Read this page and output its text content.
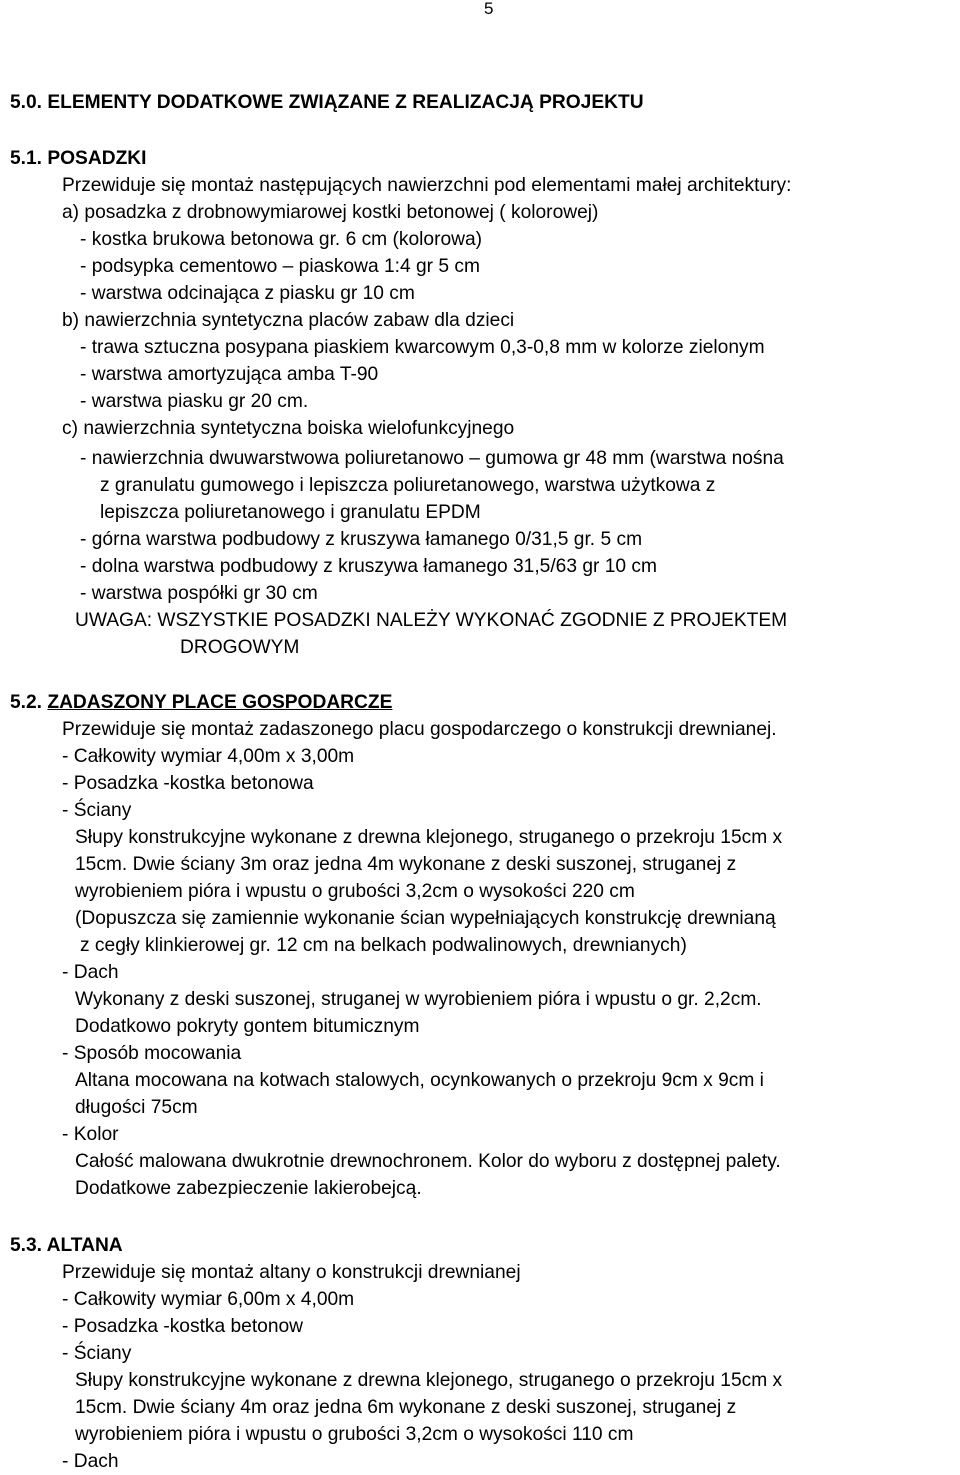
5
5.0. ELEMENTY DODATKOWE ZWIĄZANE Z REALIZACJĄ PROJEKTU
5.1. POSADZKI
Przewiduje się montaż następujących nawierzchni pod elementami małej architektury:
a) posadzka z drobnowymiarowej kostki betonowej ( kolorowej)
- kostka brukowa betonowa gr. 6 cm (kolorowa)
- podsypka cementowo – piaskowa 1:4 gr 5 cm
- warstwa odcinająca z piasku gr 10 cm
b) nawierzchnia syntetyczna placów zabaw dla dzieci
- trawa sztuczna posypana piaskiem kwarcowym 0,3-0,8 mm w kolorze zielonym
- warstwa amortyzująca amba T-90
- warstwa piasku gr 20 cm.
c) nawierzchnia syntetyczna boiska wielofunkcyjnego
- nawierzchnia dwuwarstwowa poliuretanowo – gumowa gr 48 mm (warstwa nośna
z granulatu gumowego i lepiszcza poliuretanowego, warstwa użytkowa z
lepiszcza poliuretanowego i granulatu EPDM
- górna warstwa podbudowy z kruszywa łamanego 0/31,5 gr. 5 cm
- dolna warstwa podbudowy z kruszywa łamanego 31,5/63 gr 10 cm
- warstwa pospółki gr 30 cm
UWAGA: WSZYSTKIE POSADZKI NALEŻY WYKONAĆ ZGODNIE Z PROJEKTEM
DROGOWYM
5.2. ZADASZONY PLACE GOSPODARCZE
Przewiduje się montaż zadaszonego placu gospodarczego o konstrukcji drewnianej.
- Całkowity wymiar 4,00m x 3,00m
- Posadzka -kostka betonowa
- Ściany
Słupy konstrukcyjne wykonane z drewna klejonego, struganego o przekroju 15cm x
15cm. Dwie ściany 3m oraz jedna 4m wykonane z deski suszonej, struganej z
wyrobieniem pióra i wpustu o grubości 3,2cm o wysokości 220 cm
(Dopuszcza się zamiennie wykonanie ścian wypełniających konstrukcję drewnianą
z cegły klinkierowej gr. 12 cm na belkach podwalinowych, drewnianych)
- Dach
Wykonany z deski suszonej, struganej w wyrobieniem pióra i wpustu o gr. 2,2cm.
Dodatkowo pokryty gontem bitumicznym
- Sposób mocowania
Altana mocowana na kotwach stalowych, ocynkowanych o przekroju 9cm x 9cm i
długości 75cm
- Kolor
Całość malowana dwukrotnie drewnochronem. Kolor do wyboru z dostępnej palety.
Dodatkowe zabezpieczenie lakierobejcą.
5.3. ALTANA
Przewiduje się montaż altany o konstrukcji drewnianej
- Całkowity wymiar 6,00m x 4,00m
- Posadzka -kostka betonow
- Ściany
Słupy konstrukcyjne wykonane z drewna klejonego, struganego o przekroju 15cm x
15cm. Dwie ściany 4m oraz jedna 6m wykonane z deski suszonej, struganej z
wyrobieniem pióra i wpustu o grubości 3,2cm o wysokości 110 cm
- Dach
